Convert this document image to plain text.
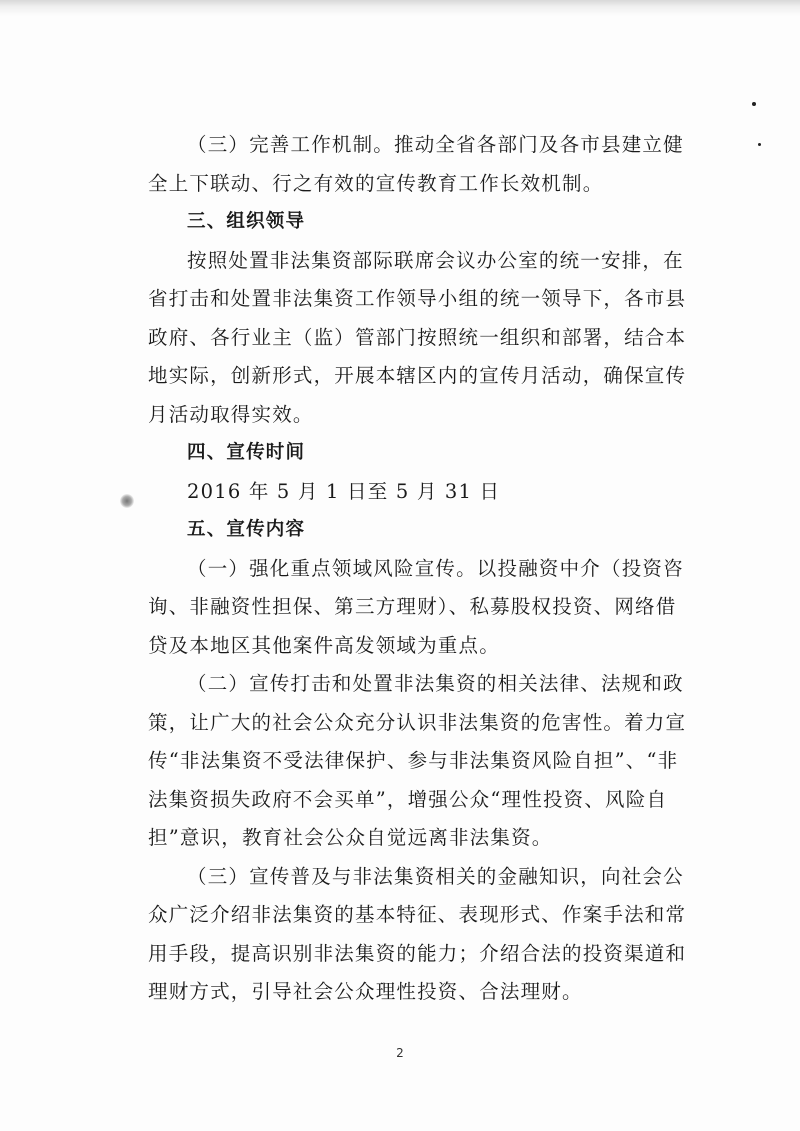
（三）完善工作机制。推动全省各部门及各市县建立健
全上下联动、行之有效的宣传教育工作长效机制。
三、组织领导
按照处置非法集资部际联席会议办公室的统一安排，在
省打击和处置非法集资工作领导小组的统一领导下，各市县
政府、各行业主（监）管部门按照统一组织和部署，结合本
地实际，创新形式，开展本辖区内的宣传月活动，确保宣传
月活动取得实效。
四、宣传时间
2016 年 5 月 1 日至 5 月 31 日
五、宣传内容
（一）强化重点领域风险宣传。以投融资中介（投资咨
询、非融资性担保、第三方理财）、私募股权投资、网络借
贷及本地区其他案件高发领域为重点。
（二）宣传打击和处置非法集资的相关法律、法规和政
策，让广大的社会公众充分认识非法集资的危害性。着力宣
传“非法集资不受法律保护、参与非法集资风险自担”、“非
法集资损失政府不会买单”，增强公众“理性投资、风险自
担”意识，教育社会公众自觉远离非法集资。
（三）宣传普及与非法集资相关的金融知识，向社会公
众广泛介绍非法集资的基本特征、表现形式、作案手法和常
用手段，提高识别非法集资的能力；介绍合法的投资渠道和
理财方式，引导社会公众理性投资、合法理财。
2
